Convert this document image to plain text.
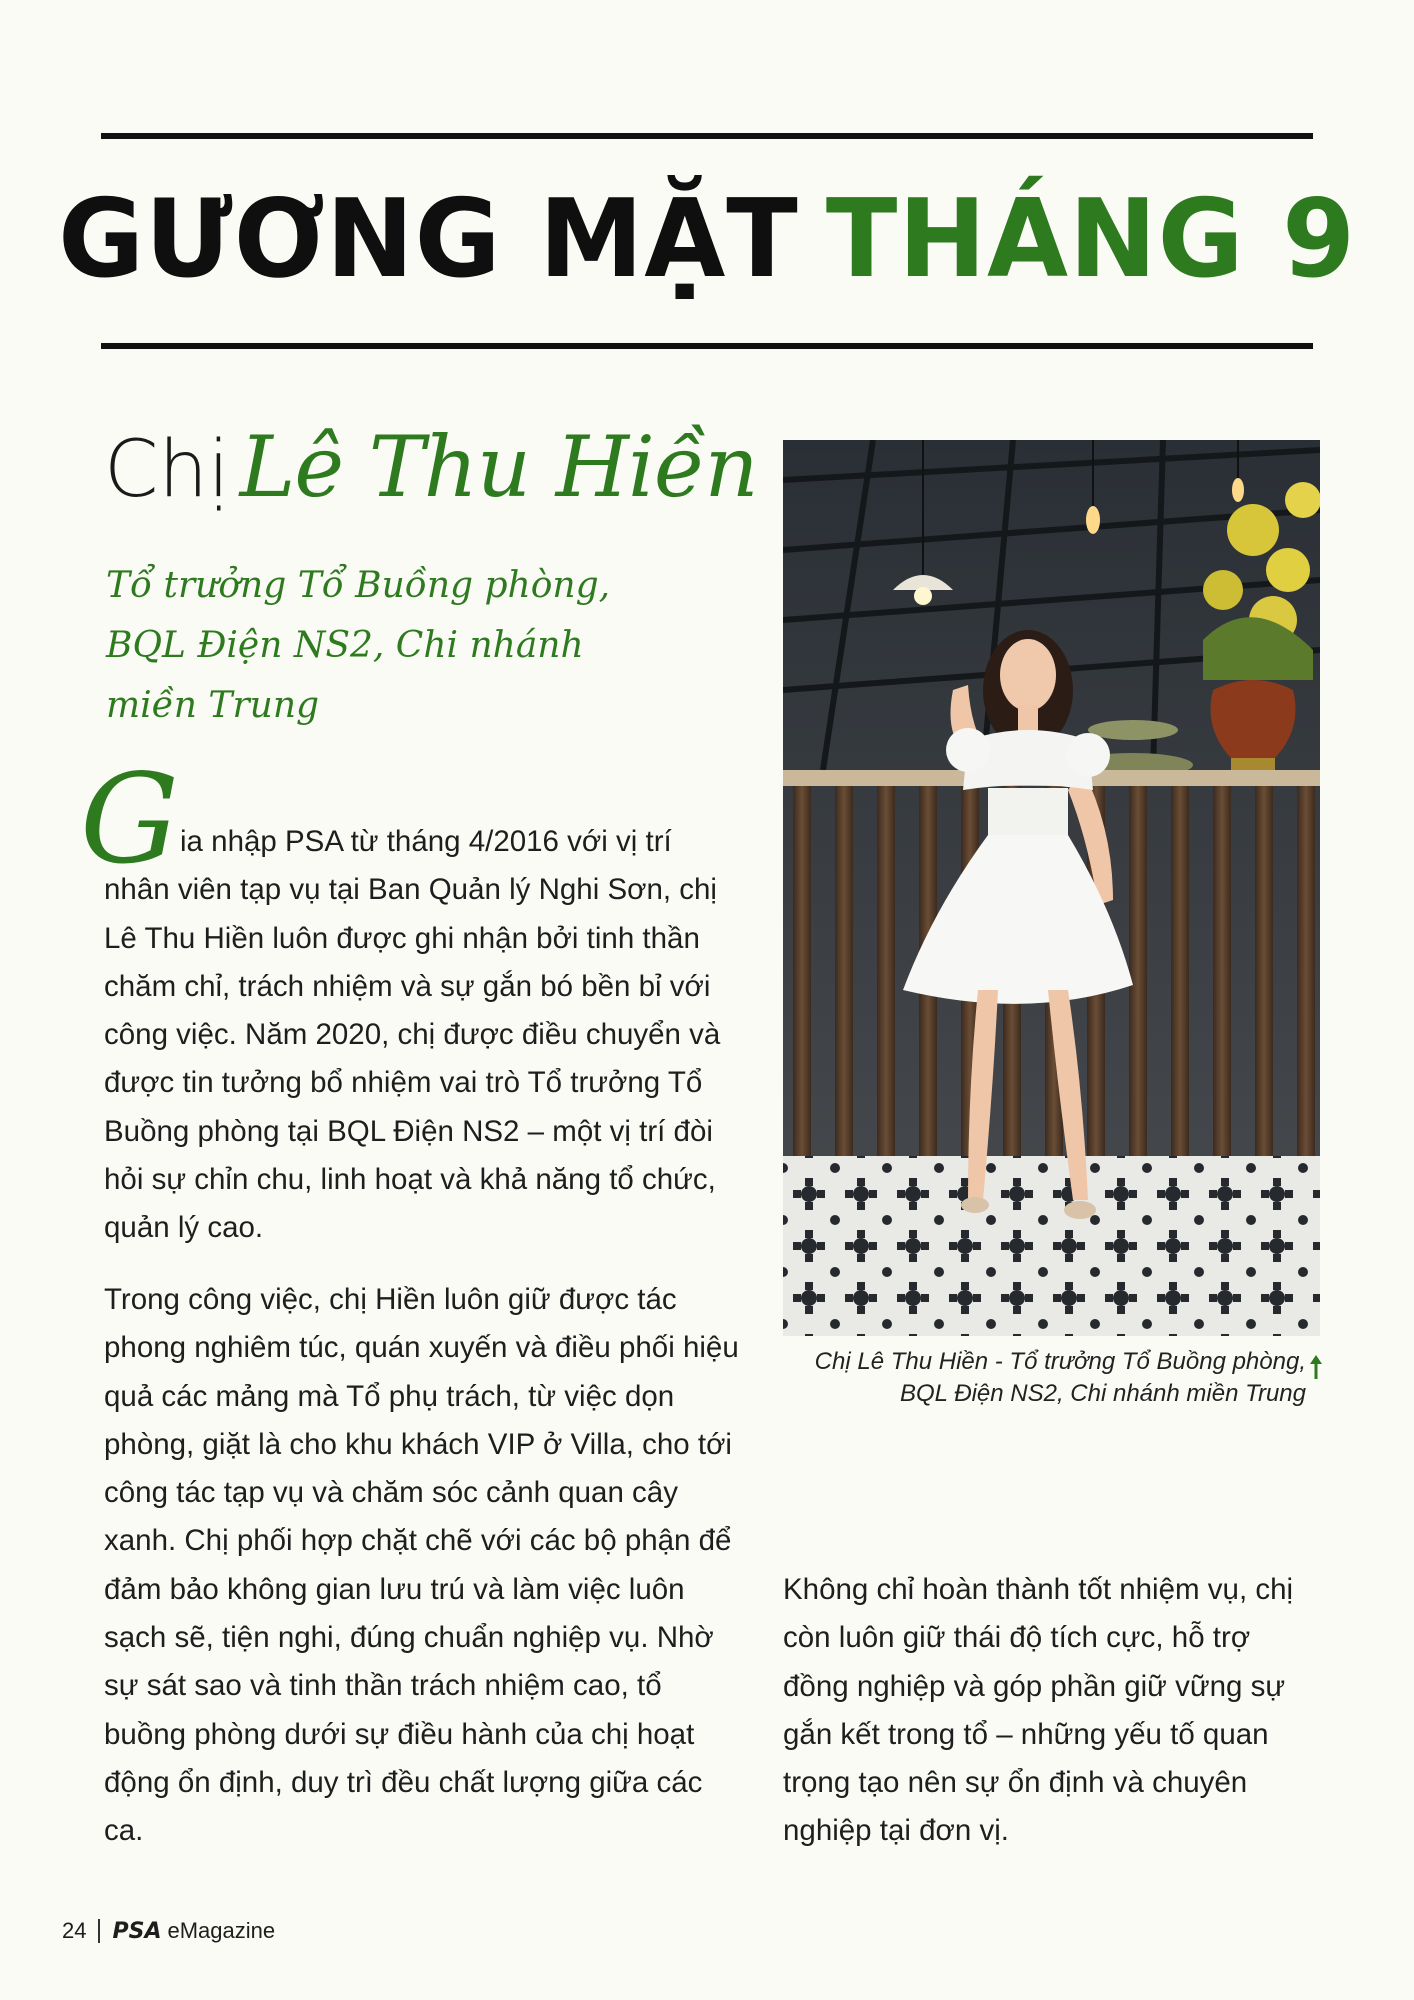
GƯƠNG MẶT THÁNG 9
Chị Lê Thu Hiền
Tổ trưởng Tổ Buồng phòng, BQL Điện NS2, Chi nhánh miền Trung
G ia nhập PSA từ tháng 4/2016 với vị trí
nhân viên tạp vụ tại Ban Quản lý Nghi Sơn, chị Lê Thu Hiền luôn được ghi nhận bởi tinh thần chăm chỉ, trách nhiệm và sự gắn bó bền bỉ với công việc. Năm 2020, chị được điều chuyển và được tin tưởng bổ nhiệm vai trò Tổ trưởng Tổ Buồng phòng tại BQL Điện NS2 – một vị trí đòi hỏi sự chỉn chu, linh hoạt và khả năng tổ chức, quản lý cao.
Trong công việc, chị Hiền luôn giữ được tác phong nghiêm túc, quán xuyến và điều phối hiệu quả các mảng mà Tổ phụ trách, từ việc dọn phòng, giặt là cho khu khách VIP ở Villa, cho tới công tác tạp vụ và chăm sóc cảnh quan cây xanh. Chị phối hợp chặt chẽ với các bộ phận để đảm bảo không gian lưu trú và làm việc luôn sạch sẽ, tiện nghi, đúng chuẩn nghiệp vụ. Nhờ sự sát sao và tinh thần trách nhiệm cao, tổ buồng phòng dưới sự điều hành của chị hoạt động ổn định, duy trì đều chất lượng giữa các ca.
Chị Lê Thu Hiền - Tổ trưởng Tổ Buồng phòng,
BQL Điện NS2, Chi nhánh miền Trung
Không chỉ hoàn thành tốt nhiệm vụ, chị còn luôn giữ thái độ tích cực, hỗ trợ đồng nghiệp và góp phần giữ vững sự gắn kết trong tổ – những yếu tố quan trọng tạo nên sự ổn định và chuyên nghiệp tại đơn vị.
24 PSA eMagazine
